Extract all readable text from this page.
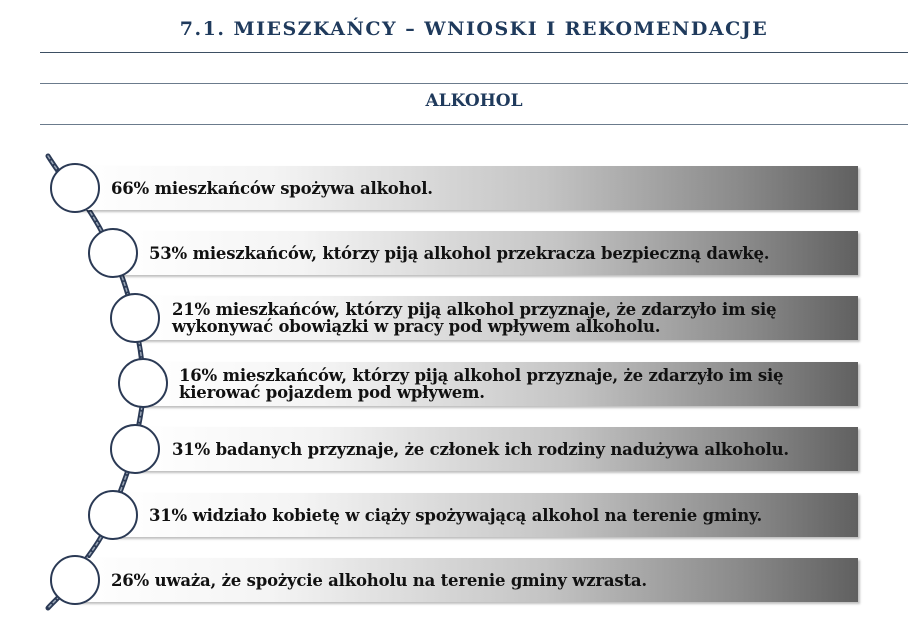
7.1. MIESZKAŃCY – WNIOSKI I REKOMENDACJE
ALKOHOL
66% mieszkańców spożywa alkohol.
53% mieszkańców, którzy piją alkohol przekracza bezpieczną dawkę.
21% mieszkańców, którzy piją alkohol przyznaje, że zdarzyło im się
wykonywać obowiązki w pracy pod wpływem alkoholu.
16% mieszkańców, którzy piją alkohol przyznaje, że zdarzyło im się
kierować pojazdem pod wpływem.
31% badanych przyznaje, że członek ich rodziny nadużywa alkoholu.
31% widziało kobietę w ciąży spożywającą alkohol na terenie gminy.
26% uważa, że spożycie alkoholu na terenie gminy wzrasta.
